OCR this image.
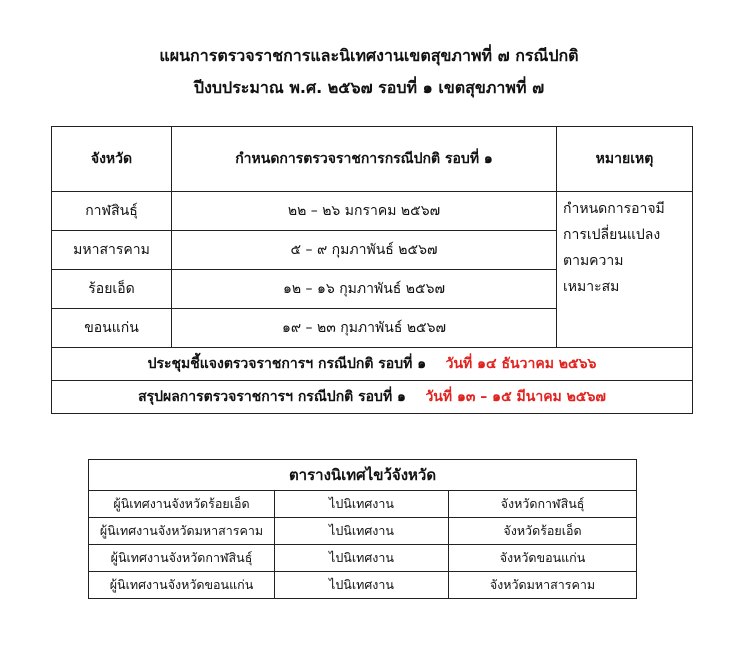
แผนการตรวจราชการและนิเทศงานเขตสุขภาพที่ ๗ กรณีปกติ
ปีงบประมาณ พ.ศ. ๒๕๖๗ รอบที่ ๑ เขตสุขภาพที่ ๗
จังหวัด	กำหนดการตรวจราชการกรณีปกติ รอบที่ ๑	หมายเหตุ
กาฬสินธุ์	๒๒ – ๒๖ มกราคม ๒๕๖๗	กำหนดการอาจมี
การเปลี่ยนแปลง
ตามความ
เหมาะสม

มหาสารคาม	๕ – ๙ กุมภาพันธ์ ๒๕๖๗	
ร้อยเอ็ด	๑๒ – ๑๖ กุมภาพันธ์ ๒๕๖๗	
ขอนแก่น	๑๙ – ๒๓ กุมภาพันธ์ ๒๕๖๗	
ประชุมชี้แจงตรวจราชการฯ กรณีปกติ รอบที่ ๑ วันที่ ๑๔ ธันวาคม ๒๕๖๖		
สรุปผลการตรวจราชการฯ กรณีปกติ รอบที่ ๑ วันที่ ๑๓ – ๑๕ มีนาคม ๒๕๖๗		
ตารางนิเทศไขว้จังหวัด		
ผู้นิเทศงานจังหวัดร้อยเอ็ด	ไปนิเทศงาน	จังหวัดกาฬสินธุ์
ผู้นิเทศงานจังหวัดมหาสารคาม	ไปนิเทศงาน	จังหวัดร้อยเอ็ด
ผู้นิเทศงานจังหวัดกาฬสินธุ์	ไปนิเทศงาน	จังหวัดขอนแก่น
ผู้นิเทศงานจังหวัดขอนแก่น	ไปนิเทศงาน	จังหวัดมหาสารคาม
